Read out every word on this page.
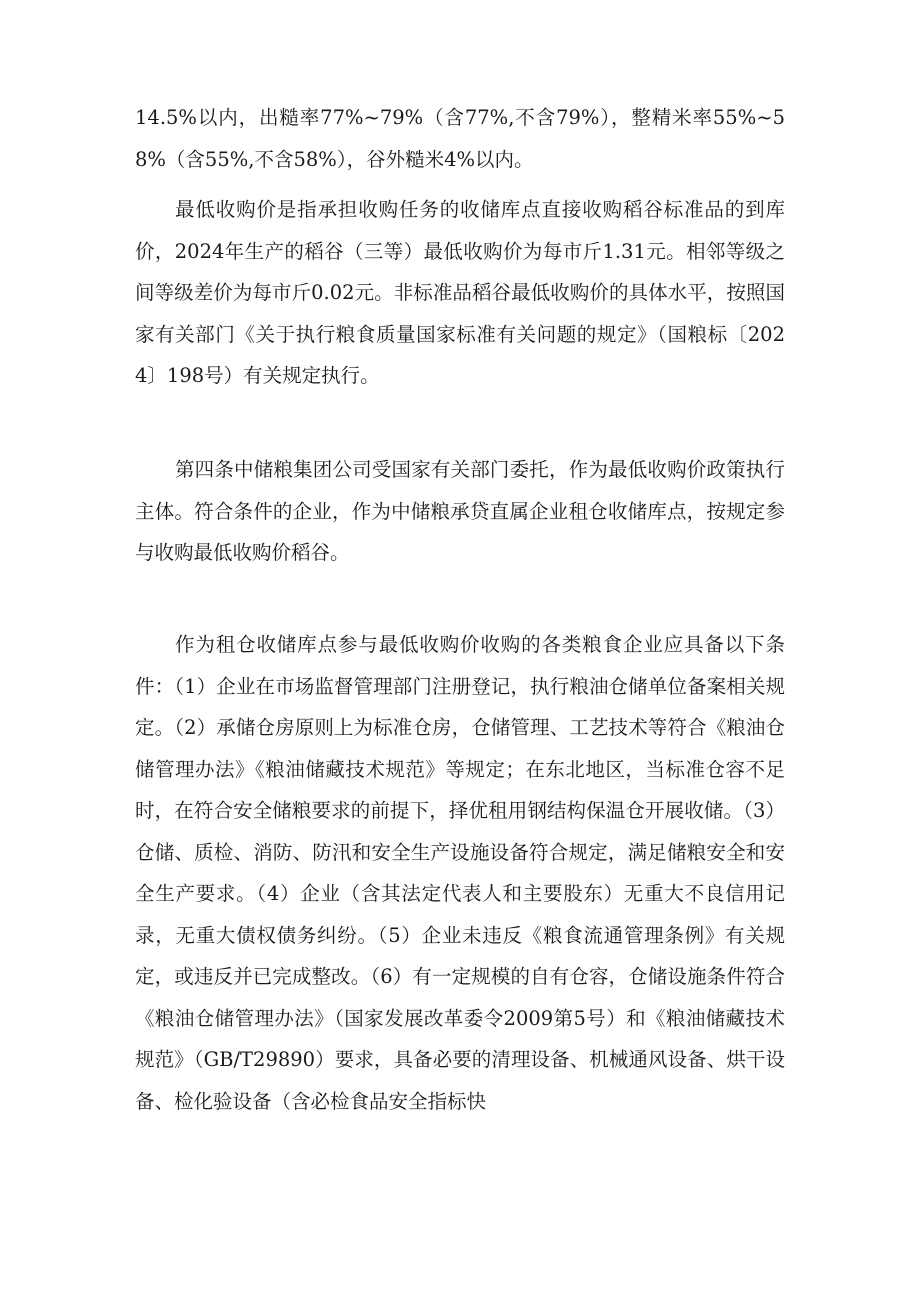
14.5%以内，出糙率77%~79%（含77%,不含79%），整精米率55%~58%（含55%,不含58%），谷外糙米4%以内。

最低收购价是指承担收购任务的收储库点直接收购稻谷标准品的到库价，2024年生产的稻谷（三等）最低收购价为每市斤1.31元。相邻等级之间等级差价为每市斤0.02元。非标准品稻谷最低收购价的具体水平，按照国家有关部门《关于执行粮食质量国家标准有关问题的规定》（国粮标〔2024〕198号）有关规定执行。

第四条中储粮集团公司受国家有关部门委托，作为最低收购价政策执行主体。符合条件的企业，作为中储粮承贷直属企业租仓收储库点，按规定参与收购最低收购价稻谷。

作为租仓收储库点参与最低收购价收购的各类粮食企业应具备以下条件：（1）企业在市场监督管理部门注册登记，执行粮油仓储单位备案相关规定。（2）承储仓房原则上为标准仓房，仓储管理、工艺技术等符合《粮油仓储管理办法》《粮油储藏技术规范》等规定；在东北地区，当标准仓容不足时，在符合安全储粮要求的前提下，择优租用钢结构保温仓开展收储。（3）仓储、质检、消防、防汛和安全生产设施设备符合规定，满足储粮安全和安全生产要求。（4）企业（含其法定代表人和主要股东）无重大不良信用记录，无重大债权债务纠纷。（5）企业未违反《粮食流通管理条例》有关规定，或违反并已完成整改。（6）有一定规模的自有仓容，仓储设施条件符合《粮油仓储管理办法》（国家发展改革委令2009第5号）和《粮油储藏技术规范》（GB/T29890）要求，具备必要的清理设备、机械通风设备、烘干设备、检化验设备（含必检食品安全指标快
